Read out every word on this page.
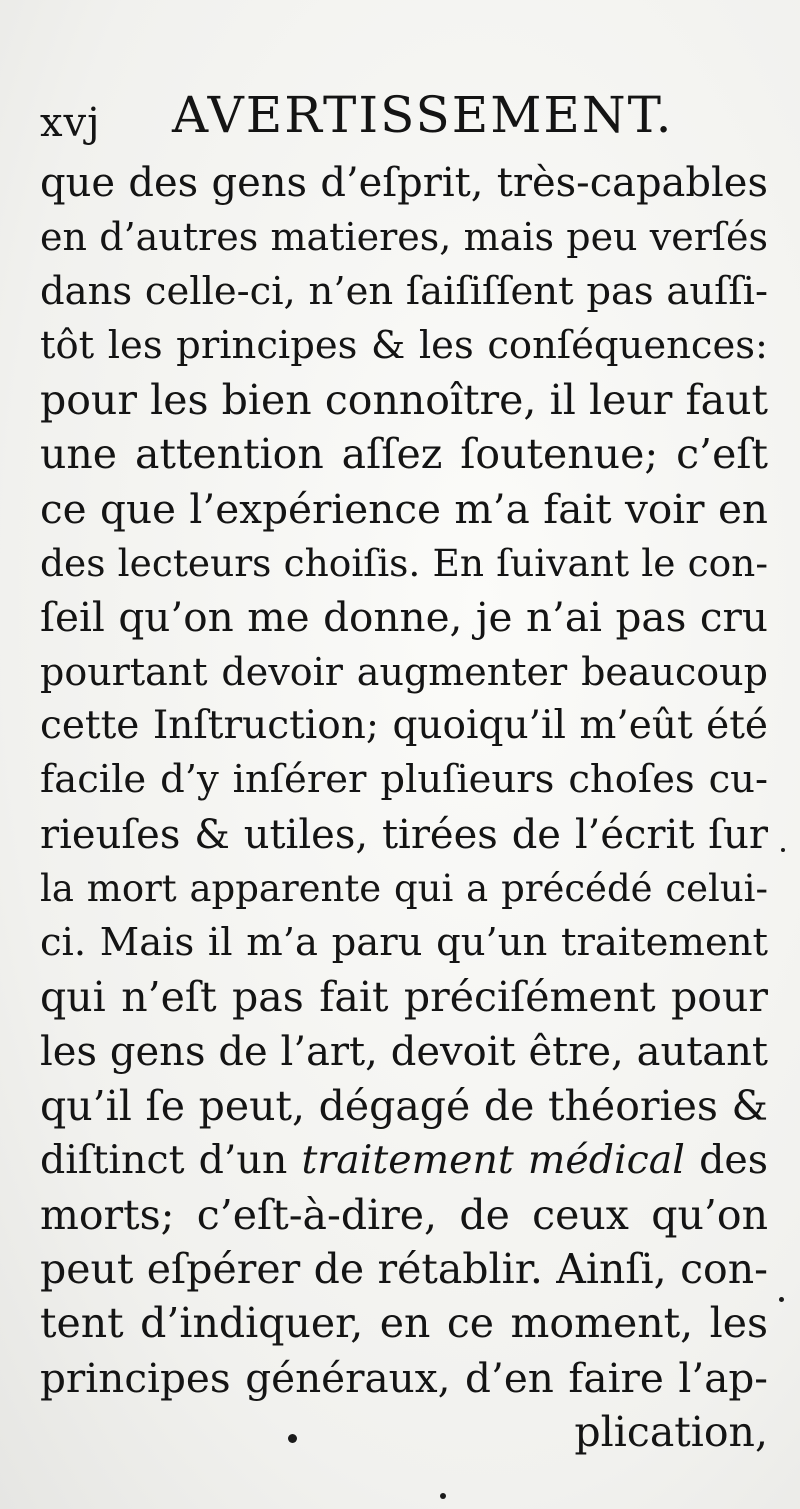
xvj AVERTISSEMENT.
que des gens d’eſprit, très-capables
en d’autres matieres, mais peu verſés
dans celle-ci, n’en ſaiſiſſent pas auſſi-
tôt les principes & les conſéquences:
pour les bien connoître, il leur faut
une attention aſſez ſoutenue; c’eſt
ce que l’expérience m’a fait voir en
des lecteurs choiſis. En ſuivant le con-
ſeil qu’on me donne, je n’ai pas cru
pourtant devoir augmenter beaucoup
cette Inſtruction; quoiqu’il m’eût été
facile d’y inſérer pluſieurs choſes cu-
rieuſes & utiles, tirées de l’écrit ſur
la mort apparente qui a précédé celui-
ci. Mais il m’a paru qu’un traitement
qui n’eſt pas fait préciſément pour
les gens de l’art, devoit être, autant
qu’il ſe peut, dégagé de théories &
diſtinct d’un traitement médical des
morts; c’eſt-à-dire, de ceux qu’on
peut eſpérer de rétablir. Ainſi, con-
tent d’indiquer, en ce moment, les
principes généraux, d’en faire l’ap-
plication,
